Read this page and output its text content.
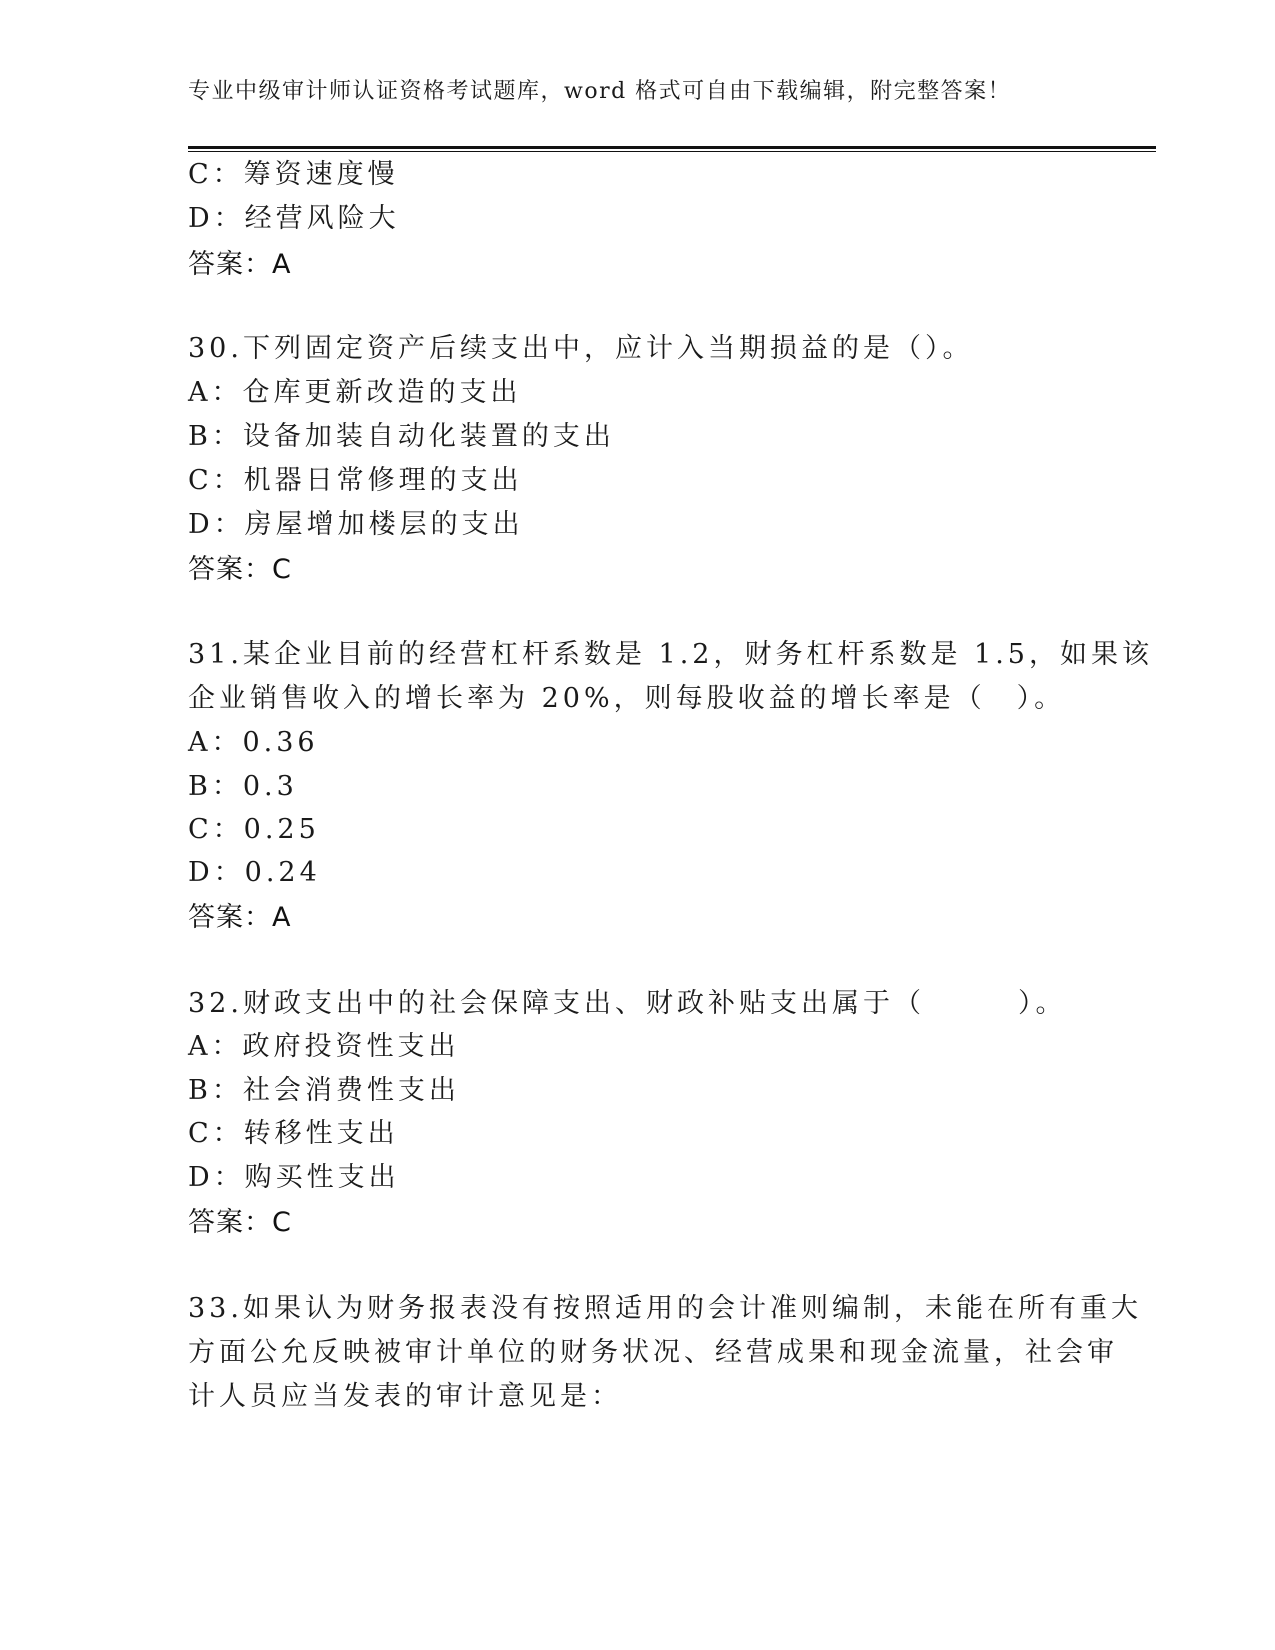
专业中级审计师认证资格考试题库，word 格式可自由下载编辑，附完整答案！
C：筹资速度慢
D：经营风险大
答案：A
30.下列固定资产后续支出中，应计入当期损益的是（）。
A：仓库更新改造的支出
B：设备加装自动化装置的支出
C：机器日常修理的支出
D：房屋增加楼层的支出
答案：C
31.某企业目前的经营杠杆系数是 1.2，财务杠杆系数是 1.5，如果该
企业销售收入的增长率为 20%，则每股收益的增长率是（　）。
A：0.36
B：0.3
C：0.25
D：0.24
答案：A
32.财政支出中的社会保障支出、财政补贴支出属于（　　　）。
A：政府投资性支出
B：社会消费性支出
C：转移性支出
D：购买性支出
答案：C
33.如果认为财务报表没有按照适用的会计准则编制，未能在所有重大
方面公允反映被审计单位的财务状况、经营成果和现金流量，社会审
计人员应当发表的审计意见是：
